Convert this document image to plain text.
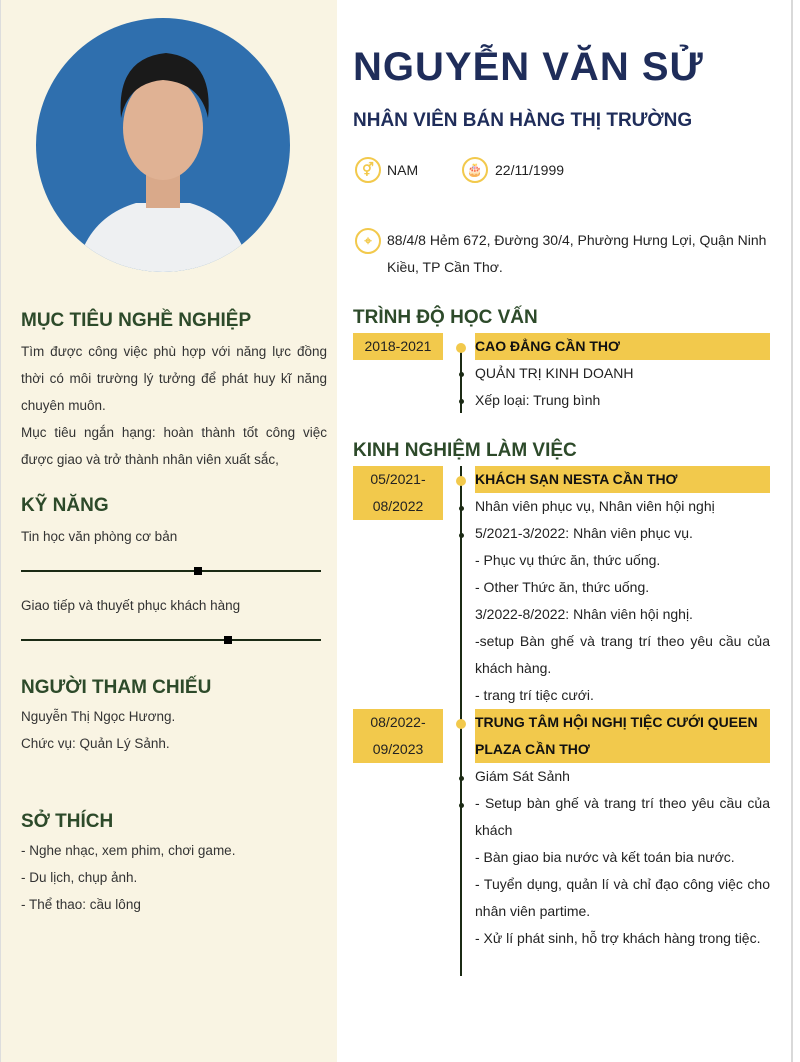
MỤC TIÊU NGHỀ NGHIỆP
Tìm được công việc phù hợp với năng lực đồng thời có môi trường lý tưởng để phát huy kĩ năng chuyên muôn.
Mục tiêu ngắn hạng: hoàn thành tốt công việc được giao và trở thành nhân viên xuất sắc,
KỸ NĂNG
Tin học văn phòng cơ bản
Giao tiếp và thuyết phục khách hàng
NGƯỜI THAM CHIẾU
Nguyễn Thị Ngọc Hương.
Chức vụ: Quản Lý Sảnh.
SỞ THÍCH
- Nghe nhạc, xem phim, chơi game.
- Du lịch, chụp ảnh.
- Thể thao: cầu lông
NGUYỄN VĂN SỬ
NHÂN VIÊN BÁN HÀNG THỊ TRƯỜNG
⚥ NAM	🎂 22/11/1999
⌖	88/4/8 Hẻm 672, Đường 30/4, Phường Hưng Lợi, Quận Ninh Kiều, TP Cần Thơ.
TRÌNH ĐỘ HỌC VẤN
2018-2021	CAO ĐẲNG CẦN THƠ
QUẢN TRỊ KINH DOANH
Xếp loại: Trung bình
KINH NGHIỆM LÀM VIỆC
05/2021-
08/2022
KHÁCH SẠN NESTA CẦN THƠ
Nhân viên phục vụ, Nhân viên hội nghị
5/2021-3/2022: Nhân viên phục vụ.
- Phục vụ thức ăn, thức uống.
- Other Thức ăn, thức uống.
3/2022-8/2022: Nhân viên hội nghị.
-setup Bàn ghế và trang trí theo yêu cầu của khách hàng.
- trang trí tiệc cưới.
08/2022-
09/2023
TRUNG TÂM HỘI NGHỊ TIỆC CƯỚI QUEEN PLAZA CẦN THƠ
Giám Sát Sảnh
- Setup bàn ghế và trang trí theo yêu cầu của khách
- Bàn giao bia nước và kết toán bia nước.
- Tuyển dụng, quản lí và chỉ đạo công việc cho nhân viên partime.
- Xử lí phát sinh, hỗ trợ khách hàng trong tiệc.
